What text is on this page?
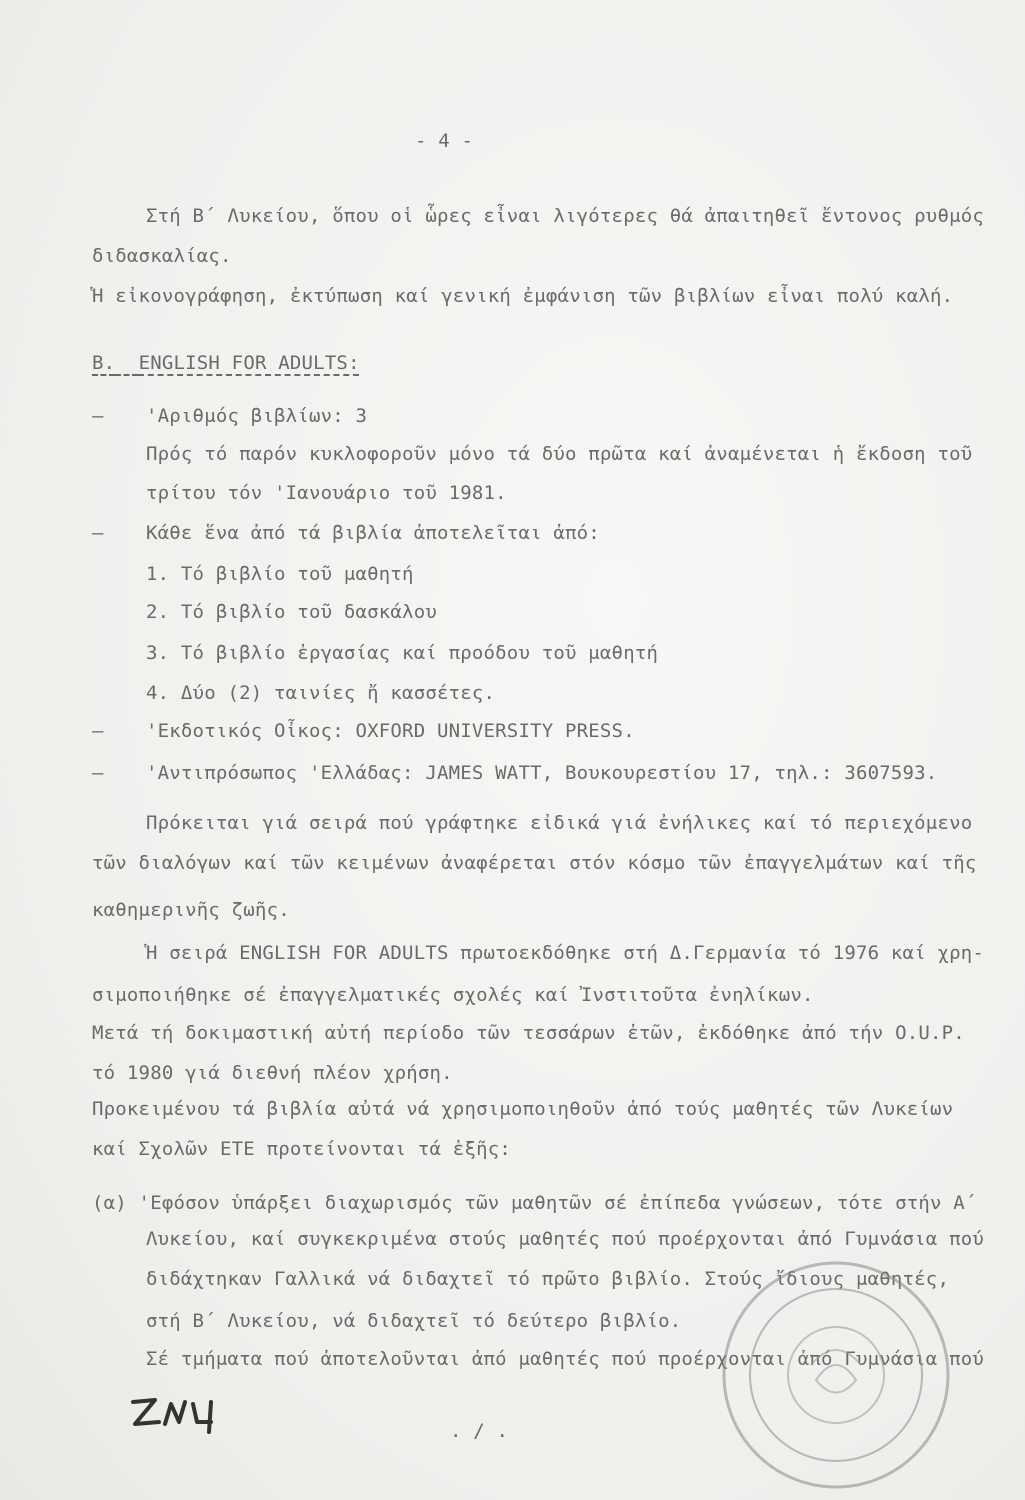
- 4 -
Στή Β΄ Λυκείου, ὅπου οἱ ὧρες εἶναι λιγότερες θά ἀπαιτηθεῖ ἔντονος ρυθμός
διδασκαλίας.
Ἡ εἰκονογράφηση, ἐκτύπωση καί γενική ἐμφάνιση τῶν βιβλίων εἶναι πολύ καλή.
Β. ENGLISH FOR ADULTS:
– 'Αριθμός βιβλίων: 3
Πρός τό παρόν κυκλοφοροῦν μόνο τά δύο πρῶτα καί ἀναμένεται ἡ ἔκδοση τοῦ
τρίτου τόν 'Ιανουάριο τοῦ 1981.
– Κάθε ἕνα ἀπό τά βιβλία ἀποτελεῖται ἀπό:
1. Τό βιβλίο τοῦ μαθητή
2. Τό βιβλίο τοῦ δασκάλου
3. Τό βιβλίο ἐργασίας καί προόδου τοῦ μαθητή
4. Δύο (2) ταινίες ἤ κασσέτες.
– 'Εκδοτικός Οἶκος: OXFORD UNIVERSITY PRESS.
– 'Αντιπρόσωπος 'Ελλάδας: JAMES WATT, Βουκουρεστίου 17, τηλ.: 3607593.
Πρόκειται γιά σειρά πού γράφτηκε εἰδικά γιά ἐνήλικες καί τό περιεχόμενο
τῶν διαλόγων καί τῶν κειμένων ἀναφέρεται στόν κόσμο τῶν ἐπαγγελμάτων καί τῆς
καθημερινῆς ζωῆς.
Ἡ σειρά ENGLISH FOR ADULTS πρωτοεκδόθηκε στή Δ.Γερμανία τό 1976 καί χρη-
σιμοποιήθηκε σέ ἐπαγγελματικές σχολές καί Ἰνστιτοῦτα ἐνηλίκων.
Μετά τή δοκιμαστική αὐτή περίοδο τῶν τεσσάρων ἐτῶν, ἐκδόθηκε ἀπό τήν O.U.P.
τό 1980 γιά διεθνή πλέον χρήση.
Προκειμένου τά βιβλία αὐτά νά χρησιμοποιηθοῦν ἀπό τούς μαθητές τῶν Λυκείων
καί Σχολῶν ΕΤΕ προτείνονται τά ἑξῆς:
(α) 'Εφόσον ὑπάρξει διαχωρισμός τῶν μαθητῶν σέ ἐπίπεδα γνώσεων, τότε στήν Α΄
Λυκείου, καί συγκεκριμένα στούς μαθητές πού προέρχονται ἀπό Γυμνάσια πού
διδάχτηκαν Γαλλικά νά διδαχτεῖ τό πρῶτο βιβλίο. Στούς ἴδιους μαθητές,
στή Β΄ Λυκείου, νά διδαχτεῖ τό δεύτερο βιβλίο.
Σέ τμήματα πού ἀποτελοῦνται ἀπό μαθητές πού προέρχονται ἀπό Γυμνάσια πού
. / .
